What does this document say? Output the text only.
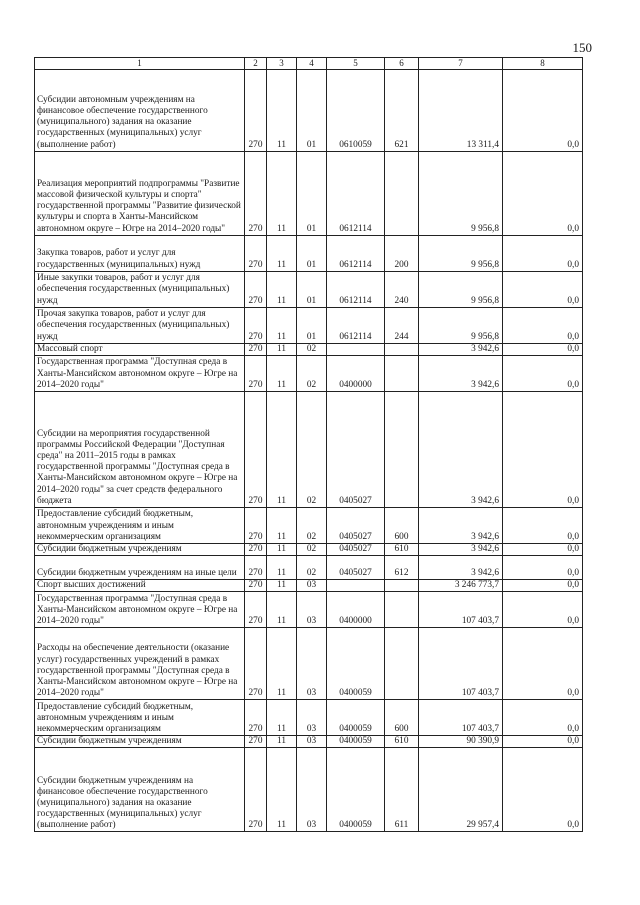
150
1	2	3	4	5	6	7	8
Субсидии автономным учреждениям на финансовое обеспечение государственного (муниципального) задания на оказание государственных (муниципальных) услуг (выполнение работ)	270	11	01	0610059	621	13 311,4	0,0
Реализация мероприятий подпрограммы "Развитие массовой физической культуры и спорта" государственной программы "Развитие физической культуры и спорта в Ханты-Мансийском автономном округе – Югре на 2014–2020 годы"	270	11	01	0612114		9 956,8	0,0
Закупка товаров, работ и услуг для государственных (муниципальных) нужд	270	11	01	0612114	200	9 956,8	0,0
Иные закупки товаров, работ и услуг для обеспечения государственных (муниципальных) нужд	270	11	01	0612114	240	9 956,8	0,0
Прочая закупка товаров, работ и услуг для обеспечения государственных (муниципальных) нужд	270	11	01	0612114	244	9 956,8	0,0
Массовый спорт	270	11	02			3 942,6	0,0
Государственная программа "Доступная среда в Ханты-Мансийском автономном округе – Югре на 2014–2020 годы"	270	11	02	0400000		3 942,6	0,0
Субсидии на мероприятия государственной программы Российской Федерации "Доступная среда" на 2011–2015 годы в рамках государственной программы "Доступная среда в Ханты-Мансийском автономном округе – Югре на 2014–2020 годы" за счет средств федерального бюджета	270	11	02	0405027		3 942,6	0,0
Предоставление субсидий бюджетным, автономным учреждениям и иным некоммерческим организациям	270	11	02	0405027	600	3 942,6	0,0
Субсидии бюджетным учреждениям	270	11	02	0405027	610	3 942,6	0,0
Субсидии бюджетным учреждениям на иные цели	270	11	02	0405027	612	3 942,6	0,0
Спорт высших достижений	270	11	03			3 246 773,7	0,0
Государственная программа "Доступная среда в Ханты-Мансийском автономном округе – Югре на 2014–2020 годы"	270	11	03	0400000		107 403,7	0,0
Расходы на обеспечение деятельности (оказание услуг) государственных учреждений в рамках государственной программы "Доступная среда в Ханты-Мансийском автономном округе – Югре на 2014–2020 годы"	270	11	03	0400059		107 403,7	0,0
Предоставление субсидий бюджетным, автономным учреждениям и иным некоммерческим организациям	270	11	03	0400059	600	107 403,7	0,0
Субсидии бюджетным учреждениям	270	11	03	0400059	610	90 390,9	0,0
Субсидии бюджетным учреждениям на финансовое обеспечение государственного (муниципального) задания на оказание государственных (муниципальных) услуг (выполнение работ)	270	11	03	0400059	611	29 957,4	0,0
